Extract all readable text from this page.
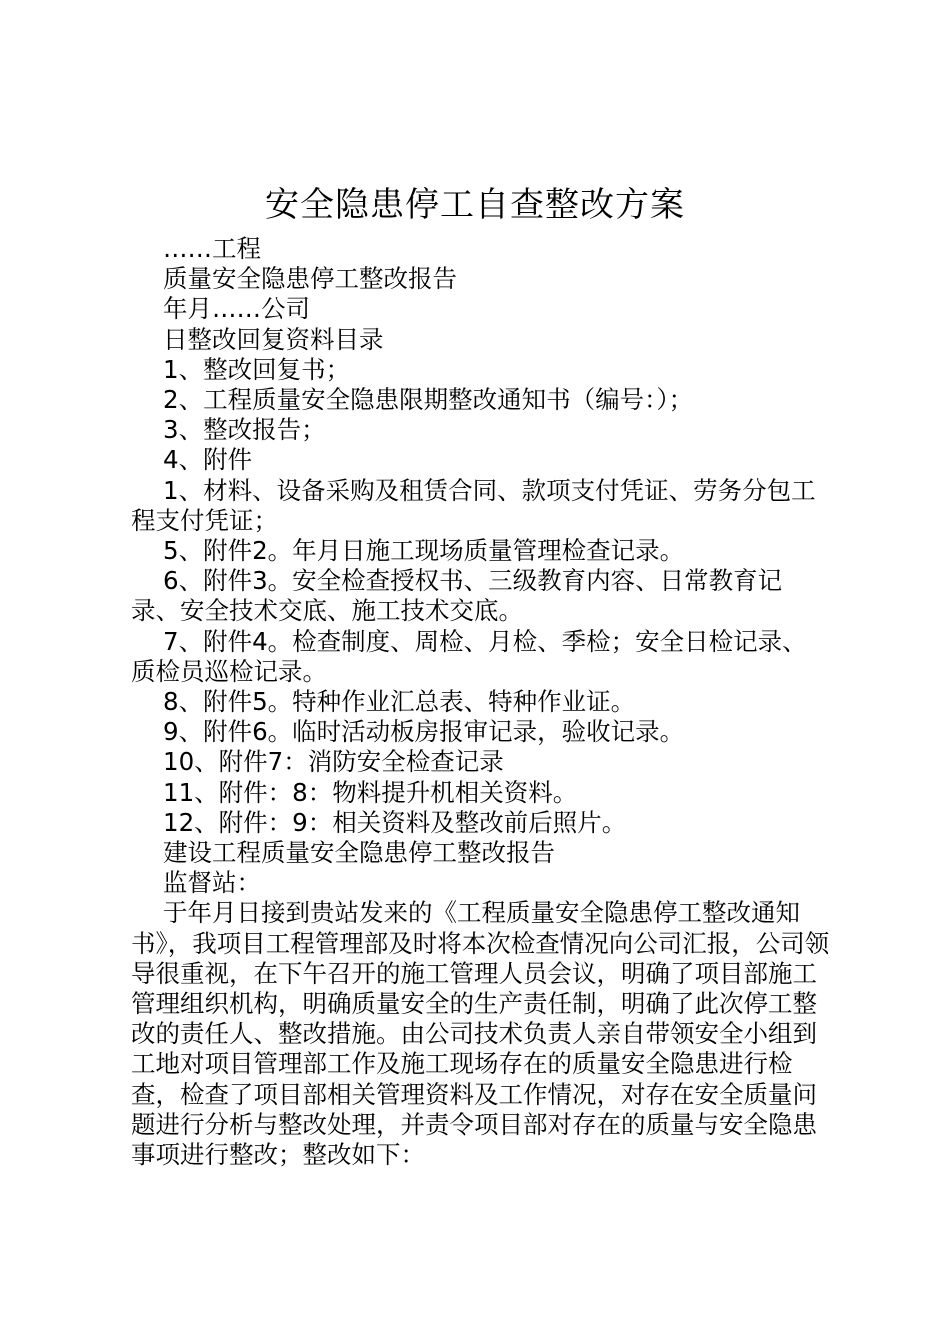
安全隐患停工自查整改方案

……工程

质量安全隐患停工整改报告

年月……公司

日整改回复资料目录

1、整改回复书；

2、工程质量安全隐患限期整改通知书（编号：）；

3、整改报告；

4、附件

1、材料、设备采购及租赁合同、款项支付凭证、劳务分包工程支付凭证；

5、附件2。年月日施工现场质量管理检查记录。

6、附件3。安全检查授权书、三级教育内容、日常教育记录、安全技术交底、施工技术交底。

7、附件4。检查制度、周检、月检、季检；安全日检记录、质检员巡检记录。

8、附件5。特种作业汇总表、特种作业证。

9、附件6。临时活动板房报审记录，验收记录。

10、附件7：消防安全检查记录

11、附件：8：物料提升机相关资料。

12、附件：9：相关资料及整改前后照片。

建设工程质量安全隐患停工整改报告

监督站：

于年月日接到贵站发来的《工程质量安全隐患停工整改通知书》，我项目工程管理部及时将本次检查情况向公司汇报，公司领导很重视，在下午召开的施工管理人员会议，明确了项目部施工管理组织机构，明确质量安全的生产责任制，明确了此次停工整改的责任人、整改措施。由公司技术负责人亲自带领安全小组到工地对项目管理部工作及施工现场存在的质量安全隐患进行检查，检查了项目部相关管理资料及工作情况，对存在安全质量问题进行分析与整改处理，并责令项目部对存在的质量与安全隐患事项进行整改；整改如下：
